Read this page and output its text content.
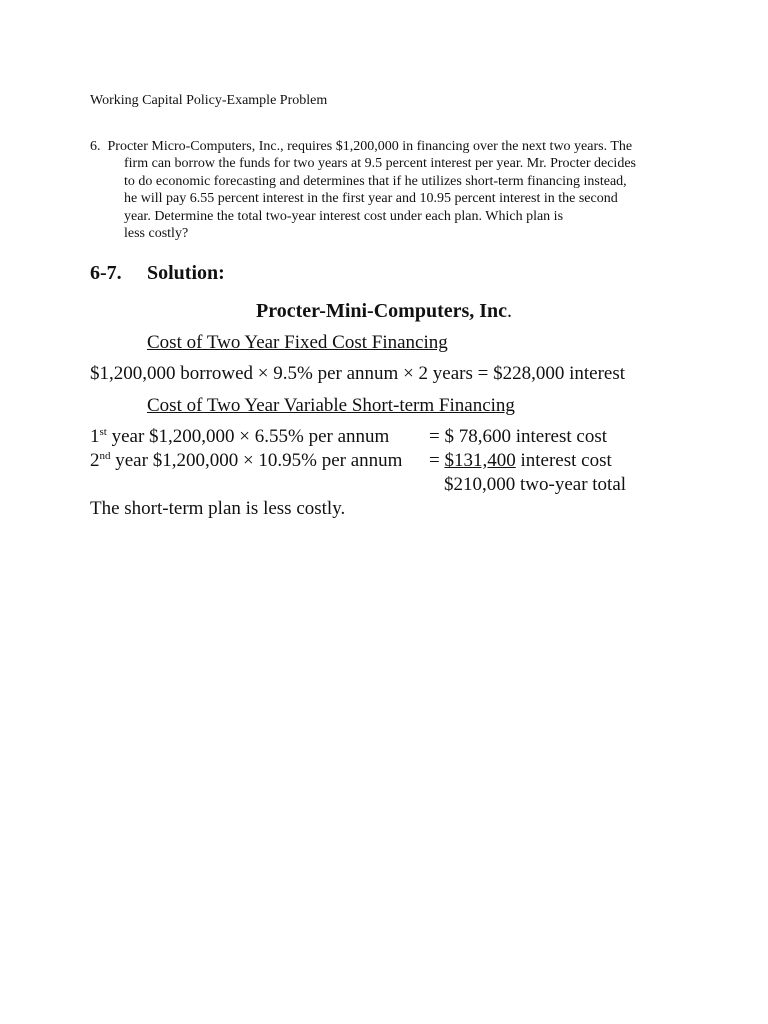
Working Capital Policy-Example Problem
6. Procter Micro-Computers, Inc., requires $1,200,000 in financing over the next two years. The
firm can borrow the funds for two years at 9.5 percent interest per year. Mr. Procter decides
to do economic forecasting and determines that if he utilizes short-term financing instead,
he will pay 6.55 percent interest in the first year and 10.95 percent interest in the second
year. Determine the total two-year interest cost under each plan. Which plan is
less costly?
6-7. Solution:
Procter-Mini-Computers, Inc.
Cost of Two Year Fixed Cost Financing
$1,200,000 borrowed × 9.5% per annum × 2 years = $228,000 interest
Cost of Two Year Variable Short-term Financing
1st year $1,200,000 × 6.55% per annum = $ 78,600 interest cost
2nd year $1,200,000 × 10.95% per annum = $131,400 interest cost
$210,000 two-year total
The short-term plan is less costly.
